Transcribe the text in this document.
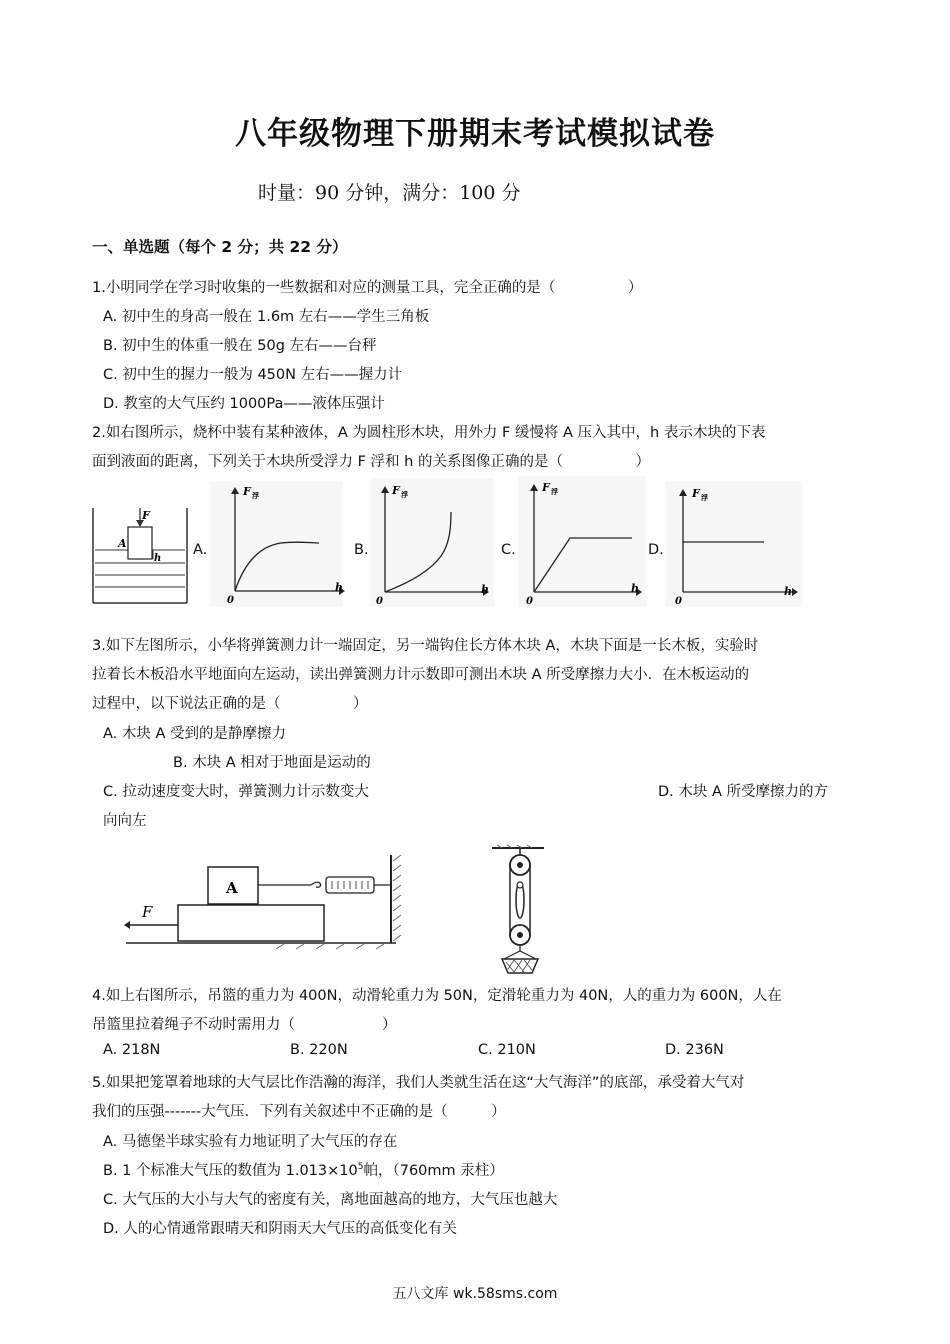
八年级物理下册期末考试模拟试卷
时量：90 分钟，满分：100 分
一、单选题（每个 2 分；共 22 分）
1.小明同学在学习时收集的一些数据和对应的测量工具，完全正确的是（　　　　　）
A. 初中生的身高一般在 1.6m 左右——学生三角板
B. 初中生的体重一般在 50g 左右——台秤
C. 初中生的握力一般为 450N 左右——握力计
D. 教室的大气压约 1000Pa——液体压强计
2.如右图所示，烧杯中装有某种液体，A 为圆柱形木块，用外力 F 缓慢将 A 压入其中，h 表示木块的下表
面到液面的距离，下列关于木块所受浮力 F 浮和 h 的关系图像正确的是（　　　　　）
F
A
h
A.	B.	C.	D.
F 浮
h
0
F 浮
h
0
F 浮
h
0
F 浮
h
0
3.如下左图所示，小华将弹簧测力计一端固定，另一端钩住长方体木块 A，木块下面是一长木板，实验时
拉着长木板沿水平地面向左运动，读出弹簧测力计示数即可测出木块 A 所受摩擦力大小．在木板运动的
过程中，以下说法正确的是（　　　　　）
A. 木块 A 受到的是静摩擦力
B. 木块 A 相对于地面是运动的
C. 拉动速度变大时，弹簧测力计示数变大	D. 木块 A 所受摩擦力的方
向向左
A
F
4.如上右图所示，吊篮的重力为 400N，动滑轮重力为 50N，定滑轮重力为 40N，人的重力为 600N，人在
吊篮里拉着绳子不动时需用力（　　　　　　）
A. 218N	B. 220N	C. 210N	D. 236N
5.如果把笼罩着地球的大气层比作浩瀚的海洋，我们人类就生活在这“大气海洋”的底部，承受着大气对
我们的压强-------大气压．下列有关叙述中不正确的是（　　　）
A. 马德堡半球实验有力地证明了大气压的存在
B. 1 个标准大气压的数值为 $1.013\times 10^5$帕，（760mm 汞柱）
C. 大气压的大小与大气的密度有关，离地面越高的地方，大气压也越大
D. 人的心情通常跟晴天和阴雨天大气压的高低变化有关
五八文库 wk.58sms.com
